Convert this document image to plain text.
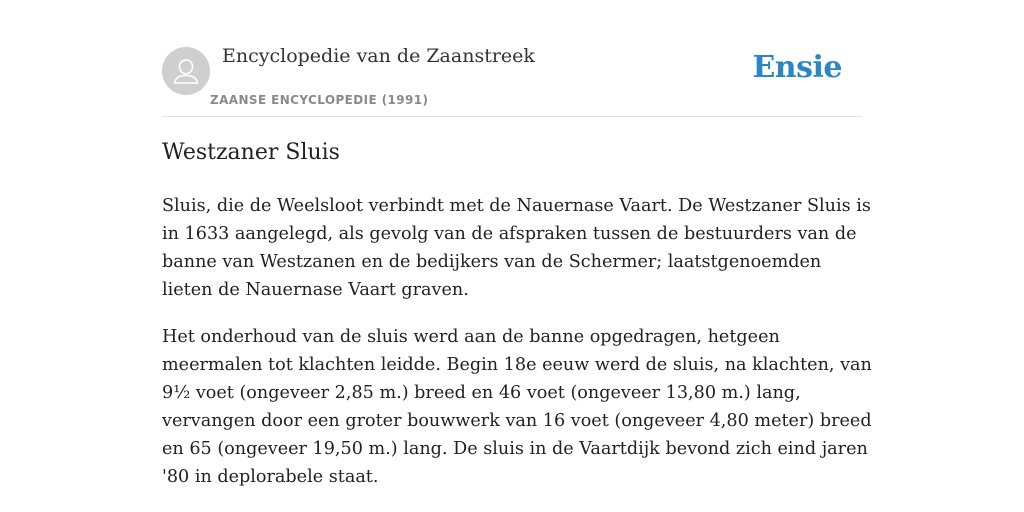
Encyclopedie van de Zaanstreek
ZAANSE ENCYCLOPEDIE (1991)
Ensie
Westzaner Sluis

Sluis, die de Weelsloot verbindt met de Nauernase Vaart. De Westzaner Sluis is in 1633 aangelegd, als gevolg van de afspraken tussen de bestuurders van de banne van Westzanen en de bedijkers van de Schermer; laatstgenoemden lieten de Nauernase Vaart graven.

Het onderhoud van de sluis werd aan de banne opgedragen, hetgeen meermalen tot klachten leidde. Begin 18e eeuw werd de sluis, na klachten, van 9½ voet (ongeveer 2,85 m.) breed en 46 voet (ongeveer 13,80 m.) lang, vervangen door een groter bouwwerk van 16 voet (ongeveer 4,80 meter) breed en 65 (ongeveer 19,50 m.) lang. De sluis in de Vaartdijk bevond zich eind jaren '80 in deplorabele staat.
